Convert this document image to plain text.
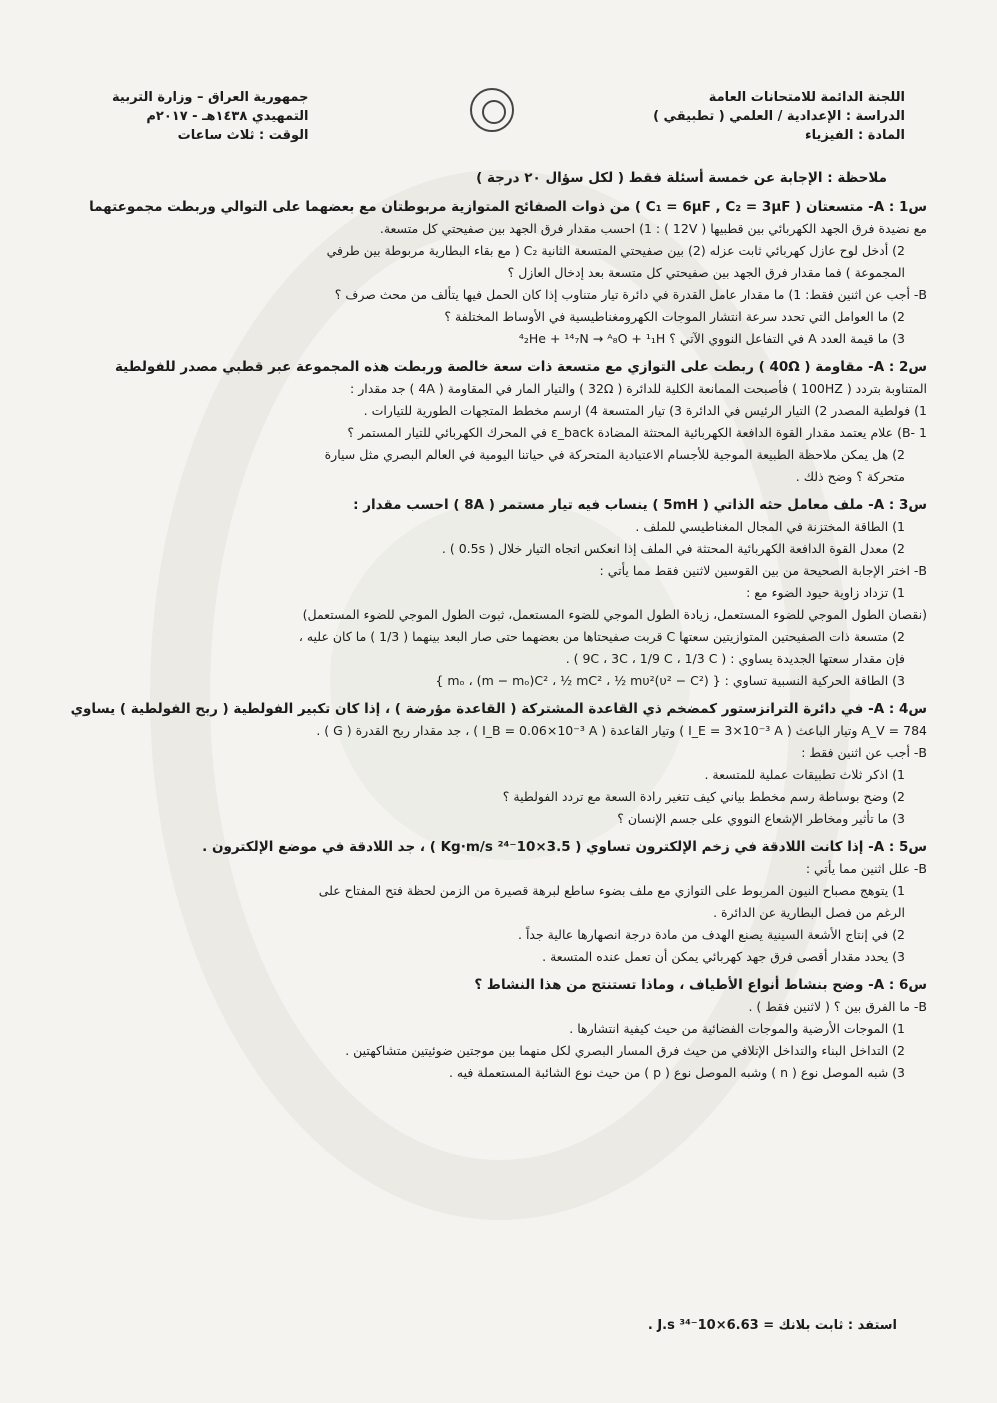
اللجنة الدائمة للامتحانات العامة
الدراسة : الإعدادية / العلمي ( تطبيقي )
المادة : الفيزياء
جمهورية العراق – وزارة التربية
التمهيدي ١٤٣٨هـ - ٢٠١٧م
الوقت : ثلاث ساعات
ملاحظة : الإجابة عن خمسة أسئلة فقط ( لكل سؤال ٢٠ درجة )
س1 : A- متسعتان ( C₁ = 6μF , C₂ = 3μF ) من ذوات الصفائح المتوازية مربوطتان مع بعضهما على التوالي وربطت مجموعتهما
مع نضيدة فرق الجهد الكهربائي بين قطبيها ( 12V ) : 1) احسب مقدار فرق الجهد بين صفيحتي كل متسعة.
2) أدخل لوح عازل كهربائي ثابت عزله (2) بين صفيحتي المتسعة الثانية C₂ ( مع بقاء البطارية مربوطة بين طرفي
المجموعة ) فما مقدار فرق الجهد بين صفيحتي كل متسعة بعد إدخال العازل ؟
B- أجب عن اثنين فقط: 1) ما مقدار عامل القدرة في دائرة تيار متناوب إذا كان الحمل فيها يتألف من محث صرف ؟
2) ما العوامل التي تحدد سرعة انتشار الموجات الكهرومغناطيسية في الأوساط المختلفة ؟
3) ما قيمة العدد A في التفاعل النووي الآتي ؟ ⁴₂He + ¹⁴₇N → ᴬ₈O + ¹₁H
س2 : A- مقاومة ( 40Ω ) ربطت على التوازي مع متسعة ذات سعة خالصة وربطت هذه المجموعة عبر قطبي مصدر للفولطية
المتناوبة بتردد ( 100HZ ) فأصبحت الممانعة الكلية للدائرة ( 32Ω ) والتيار المار في المقاومة ( 4A ) جد مقدار :
1) فولطية المصدر 2) التيار الرئيس في الدائرة 3) تيار المتسعة 4) ارسم مخطط المتجهات الطورية للتيارات .
B- 1) علام يعتمد مقدار القوة الدافعة الكهربائية المحتثة المضادة ε_back في المحرك الكهربائي للتيار المستمر ؟
2) هل يمكن ملاحظة الطبيعة الموجية للأجسام الاعتيادية المتحركة في حياتنا اليومية في العالم البصري مثل سيارة
متحركة ؟ وضح ذلك .
س3 : A- ملف معامل حثه الذاتي ( 5mH ) ينساب فيه تيار مستمر ( 8A ) احسب مقدار :
1) الطاقة المختزنة في المجال المغناطيسي للملف .
2) معدل القوة الدافعة الكهربائية المحتثة في الملف إذا انعكس اتجاه التيار خلال ( 0.5s ) .
B- اختر الإجابة الصحيحة من بين القوسين لاثنين فقط مما يأتي :
1) تزداد زاوية حيود الضوء مع :
(نقصان الطول الموجي للضوء المستعمل، زيادة الطول الموجي للضوء المستعمل، ثبوت الطول الموجي للضوء المستعمل)
2) متسعة ذات الصفيحتين المتوازيتين سعتها C قربت صفيحتاها من بعضهما حتى صار البعد بينهما ( 1/3 ) ما كان عليه ،
فإن مقدار سعتها الجديدة يساوي : ( 9C ، 3C ، 1/9 C ، 1/3 C ) .
3) الطاقة الحركية النسبية تساوي : { (υ² − C²)mₒ ، (m − mₒ)C² ، ½ mC² ، ½ mυ² }
س4 : A- في دائرة الترانزستور كمضخم ذي القاعدة المشتركة ( القاعدة مؤرضة ) ، إذا كان تكبير الفولطية ( ربح الفولطية ) يساوي
A_V = 784 وتيار الباعث ( I_E = 3×10⁻³ A ) وتيار القاعدة ( I_B = 0.06×10⁻³ A ) ، جد مقدار ربح القدرة ( G ) .
B- أجب عن اثنين فقط :
1) اذكر ثلاث تطبيقات عملية للمتسعة .
2) وضح بوساطة رسم مخطط بياني كيف تتغير رادة السعة مع تردد الفولطية ؟
3) ما تأثير ومخاطر الإشعاع النووي على جسم الإنسان ؟
س5 : A- إذا كانت اللادقة في زخم الإلكترون تساوي ( 3.5×10⁻²⁴ Kg·m/s ) ، جد اللادقة في موضع الإلكترون .
B- علل اثنين مما يأتي :
1) يتوهج مصباح النيون المربوط على التوازي مع ملف بضوء ساطع لبرهة قصيرة من الزمن لحظة فتح المفتاح على
الرغم من فصل البطارية عن الدائرة .
2) في إنتاج الأشعة السينية يصنع الهدف من مادة درجة انصهارها عالية جداً .
3) يحدد مقدار أقصى فرق جهد كهربائي يمكن أن تعمل عنده المتسعة .
س6 : A- وضح بنشاط أنواع الأطياف ، وماذا تستنتج من هذا النشاط ؟
B- ما الفرق بين ؟ ( لاثنين فقط ) .
1) الموجات الأرضية والموجات الفضائية من حيث كيفية انتشارها .
2) التداخل البناء والتداخل الإتلافي من حيث فرق المسار البصري لكل منهما بين موجتين ضوئيتين متشاكهتين .
3) شبه الموصل نوع ( n ) وشبه الموصل نوع ( p ) من حيث نوع الشائبة المستعملة فيه .
استفد : ثابت بلانك = 6.63×10⁻³⁴ J.s .
